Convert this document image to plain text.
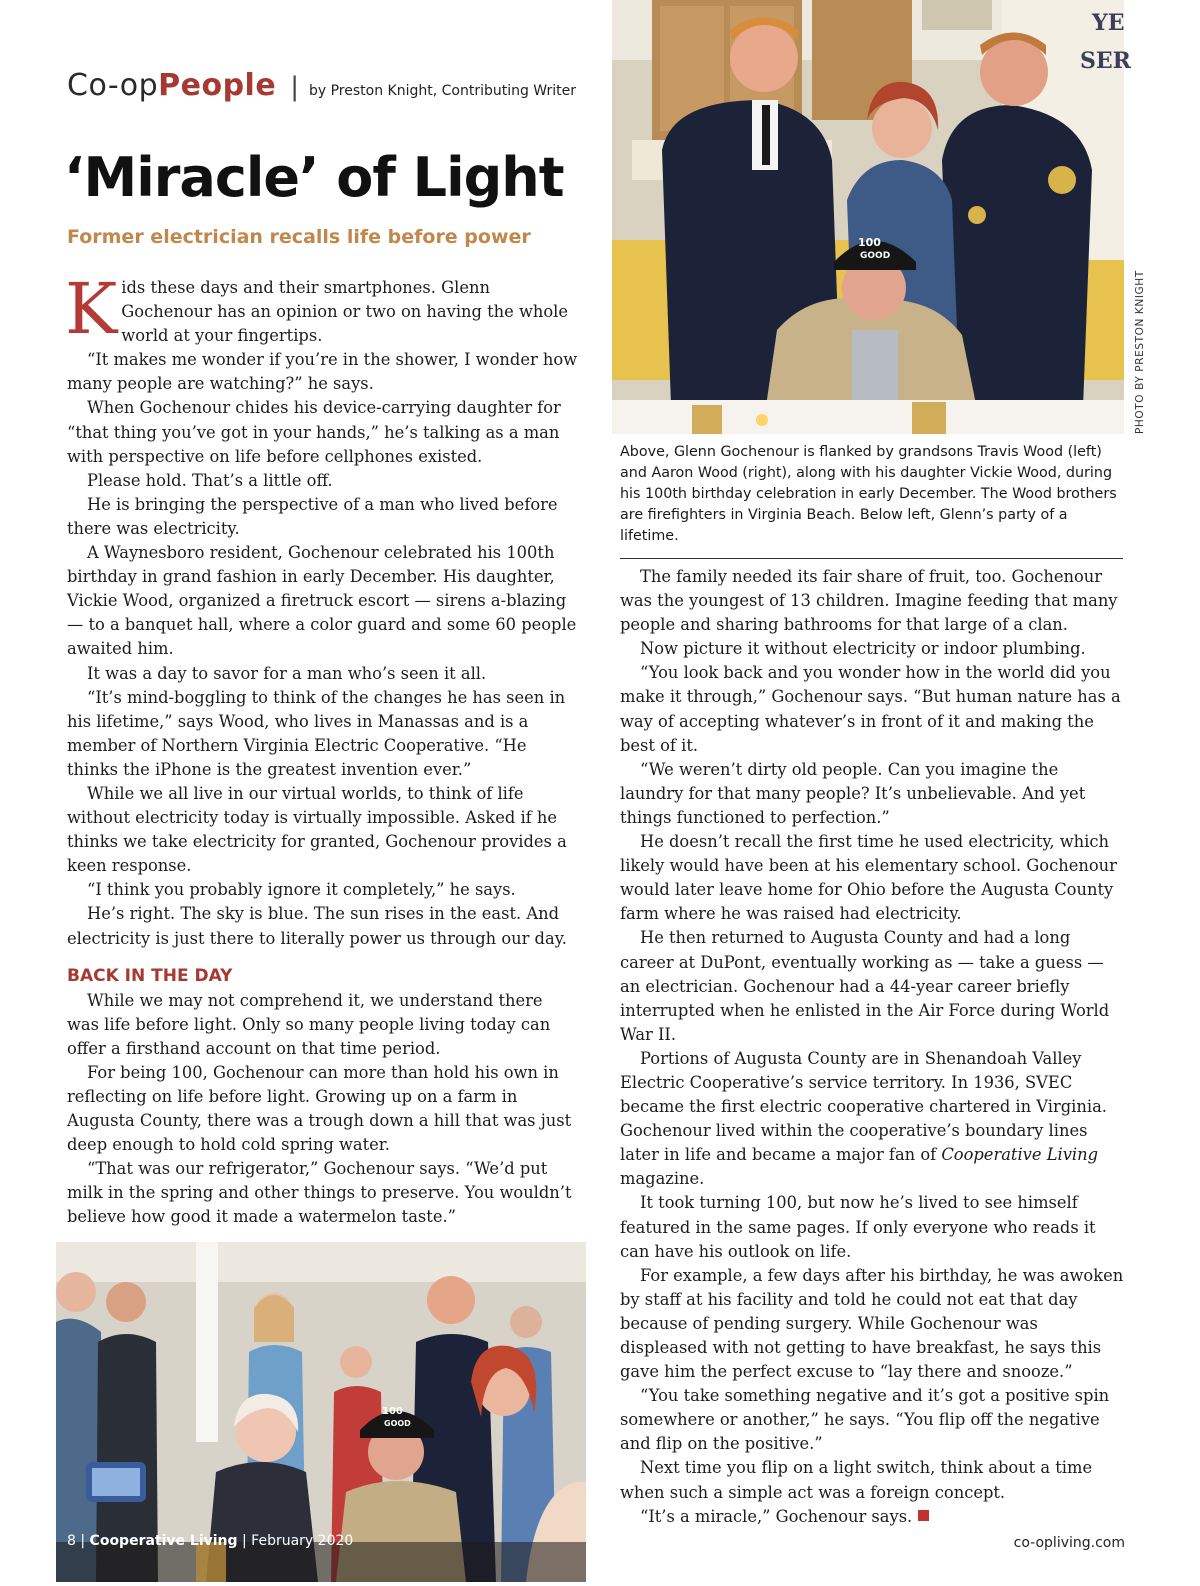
Co-op People | by Preston Knight, Contributing Writer
‘Miracle’ of Light
Former electrician recalls life before power

Kids these days and their smartphones. Glenn Gochenour has an opinion or two on having the whole world at your fingertips.

“It makes me wonder if you’re in the shower, I wonder how many people are watching?” he says.

When Gochenour chides his device-carrying daughter for “that thing you’ve got in your hands,” he’s talking as a man with perspective on life before cellphones existed.

Please hold. That’s a little off.

He is bringing the perspective of a man who lived before there was electricity.

A Waynesboro resident, Gochenour celebrated his 100th birthday in grand fashion in early December. His daughter, Vickie Wood, organized a firetruck escort — sirens a-blazing — to a banquet hall, where a color guard and some 60 people awaited him.

It was a day to savor for a man who’s seen it all.

“It’s mind-boggling to think of the changes he has seen in his lifetime,” says Wood, who lives in Manassas and is a member of Northern Virginia Electric Cooperative. “He thinks the iPhone is the greatest invention ever.”

While we all live in our virtual worlds, to think of life without electricity today is virtually impossible. Asked if he thinks we take electricity for granted, Gochenour provides a keen response.

“I think you probably ignore it completely,” he says.

He’s right. The sky is blue. The sun rises in the east. And electricity is just there to literally power us through our day.

BACK IN THE DAY

While we may not comprehend it, we understand there was life before light. Only so many people living today can offer a firsthand account on that time period.

For being 100, Gochenour can more than hold his own in reflecting on life before light. Growing up on a farm in Augusta County, there was a trough down a hill that was just deep enough to hold cold spring water.

“That was our refrigerator,” Gochenour says. “We’d put milk in the spring and other things to preserve. You wouldn’t believe how good it made a watermelon taste.”

YE
SER
100
GOOD
PHOTO BY PRESTON KNIGHT
Above, Glenn Gochenour is flanked by grandsons Travis Wood (left) and Aaron Wood (right), along with his daughter Vickie Wood, during his 100th birthday celebration in early December. The Wood brothers are firefighters in Virginia Beach. Below left, Glenn’s party of a lifetime.

The family needed its fair share of fruit, too. Gochenour was the youngest of 13 children. Imagine feeding that many people and sharing bathrooms for that large of a clan.

Now picture it without electricity or indoor plumbing.

“You look back and you wonder how in the world did you make it through,” Gochenour says. “But human nature has a way of accepting whatever’s in front of it and making the best of it.

“We weren’t dirty old people. Can you imagine the laundry for that many people? It’s unbelievable. And yet things functioned to perfection.”

He doesn’t recall the first time he used electricity, which likely would have been at his elementary school. Gochenour would later leave home for Ohio before the Augusta County farm where he was raised had electricity.

He then returned to Augusta County and had a long career at DuPont, eventually working as — take a guess — an electrician. Gochenour had a 44-year career briefly interrupted when he enlisted in the Air Force during World War II.

Portions of Augusta County are in Shenandoah Valley Electric Cooperative’s service territory. In 1936, SVEC became the first electric cooperative chartered in Virginia. Gochenour lived within the cooperative’s boundary lines later in life and became a major fan of Cooperative Living magazine.

It took turning 100, but now he’s lived to see himself featured in the same pages. If only everyone who reads it can have his outlook on life.

For example, a few days after his birthday, he was awoken by staff at his facility and told he could not eat that day because of pending surgery. While Gochenour was displeased with not getting to have breakfast, he says this gave him the perfect excuse to “lay there and snooze.”

“You take something negative and it’s got a positive spin somewhere or another,” he says. “You flip off the negative and flip on the positive.”

Next time you flip on a light switch, think about a time when such a simple act was a foreign concept.

“It’s a miracle,” Gochenour says.

100
GOOD
8 | Cooperative Living | February 2020	co-opliving.com
